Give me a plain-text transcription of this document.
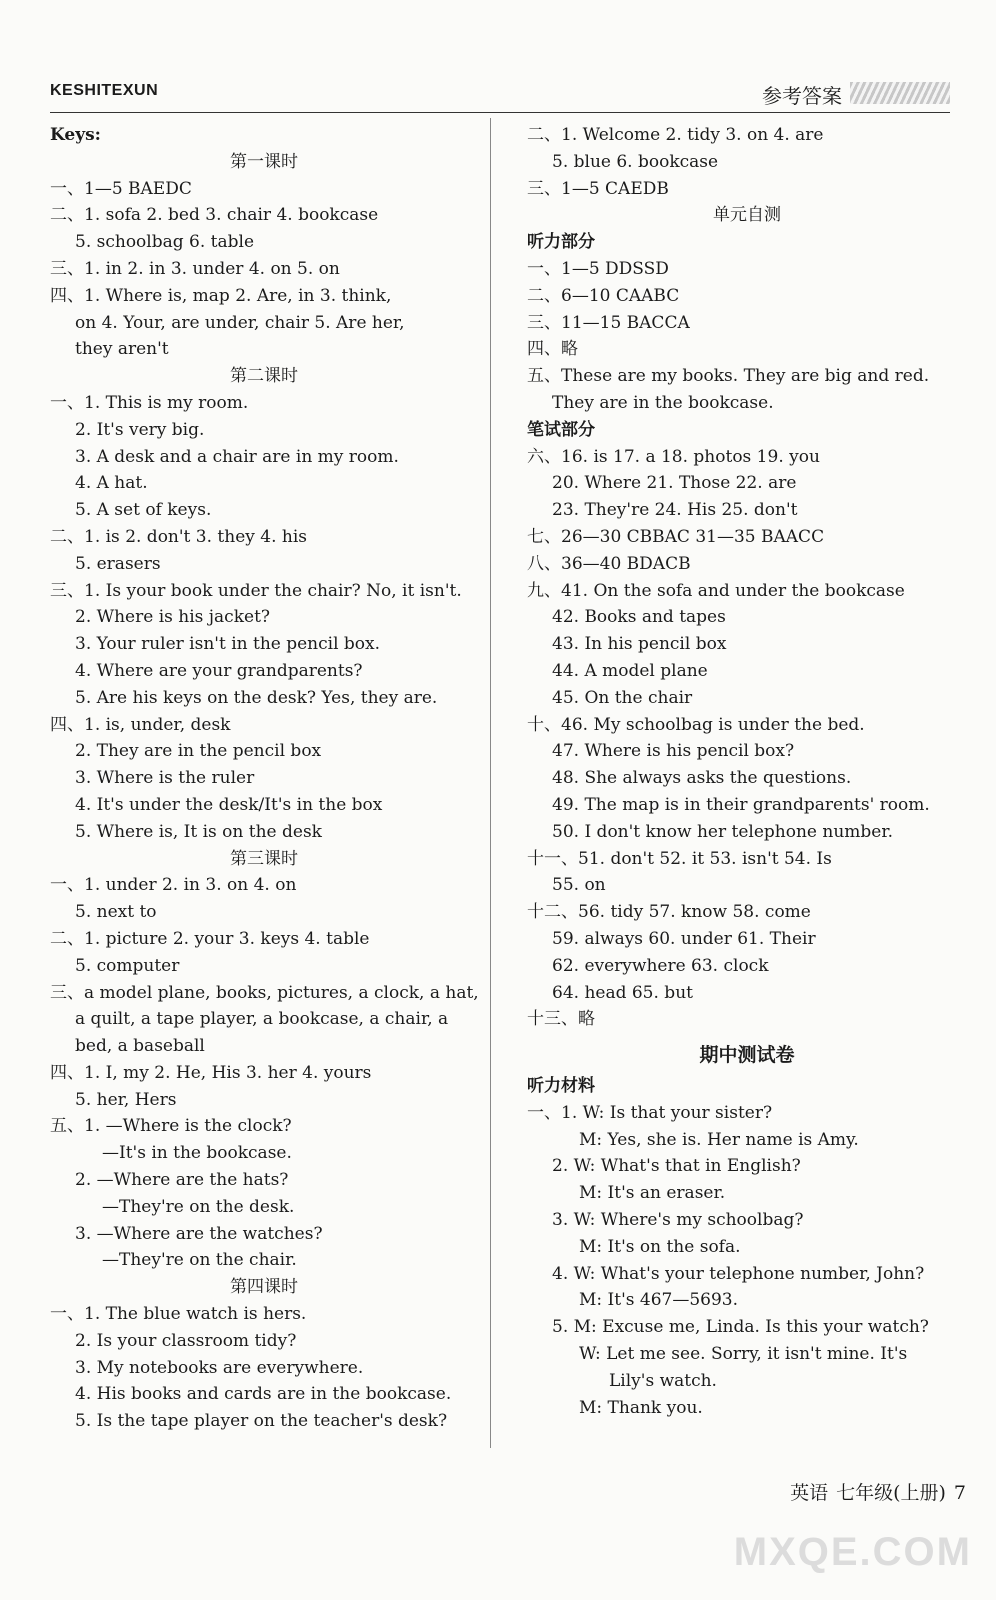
KESHITEXUN	参考答案
Keys:
第一课时
一、1—5 BAEDC
二、1. sofa 2. bed 3. chair 4. bookcase
5. schoolbag 6. table
三、1. in 2. in 3. under 4. on 5. on
四、1. Where is, map 2. Are, in 3. think,
on 4. Your, are under, chair 5. Are her,
they aren't
第二课时
一、1. This is my room.
2. It's very big.
3. A desk and a chair are in my room.
4. A hat.
5. A set of keys.
二、1. is 2. don't 3. they 4. his
5. erasers
三、1. Is your book under the chair? No, it isn't.
2. Where is his jacket?
3. Your ruler isn't in the pencil box.
4. Where are your grandparents?
5. Are his keys on the desk? Yes, they are.
四、1. is, under, desk
2. They are in the pencil box
3. Where is the ruler
4. It's under the desk/It's in the box
5. Where is, It is on the desk
第三课时
一、1. under 2. in 3. on 4. on
5. next to
二、1. picture 2. your 3. keys 4. table
5. computer
三、a model plane, books, pictures, a clock, a hat,
a quilt, a tape player, a bookcase, a chair, a
bed, a baseball
四、1. I, my 2. He, His 3. her 4. yours
5. her, Hers
五、1. —Where is the clock?
—It's in the bookcase.
2. —Where are the hats?
—They're on the desk.
3. —Where are the watches?
—They're on the chair.
第四课时
一、1. The blue watch is hers.
2. Is your classroom tidy?
3. My notebooks are everywhere.
4. His books and cards are in the bookcase.
5. Is the tape player on the teacher's desk?
二、1. Welcome 2. tidy 3. on 4. are
5. blue 6. bookcase
三、1—5 CAEDB
单元自测
听力部分
一、1—5 DDSSD
二、6—10 CAABC
三、11—15 BACCA
四、略
五、These are my books. They are big and red.
They are in the bookcase.
笔试部分
六、16. is 17. a 18. photos 19. you
20. Where 21. Those 22. are
23. They're 24. His 25. don't
七、26—30 CBBAC 31—35 BAACC
八、36—40 BDACB
九、41. On the sofa and under the bookcase
42. Books and tapes
43. In his pencil box
44. A model plane
45. On the chair
十、46. My schoolbag is under the bed.
47. Where is his pencil box?
48. She always asks the questions.
49. The map is in their grandparents' room.
50. I don't know her telephone number.
十一、51. don't 52. it 53. isn't 54. Is
55. on
十二、56. tidy 57. know 58. come
59. always 60. under 61. Their
62. everywhere 63. clock
64. head 65. but
十三、略
期中测试卷
听力材料
一、1. W: Is that your sister?
M: Yes, she is. Her name is Amy.
2. W: What's that in English?
M: It's an eraser.
3. W: Where's my schoolbag?
M: It's on the sofa.
4. W: What's your telephone number, John?
M: It's 467—5693.
5. M: Excuse me, Linda. Is this your watch?
W: Let me see. Sorry, it isn't mine. It's
Lily's watch.
M: Thank you.
英语 七年级(上册) 7
MXQE.COM
